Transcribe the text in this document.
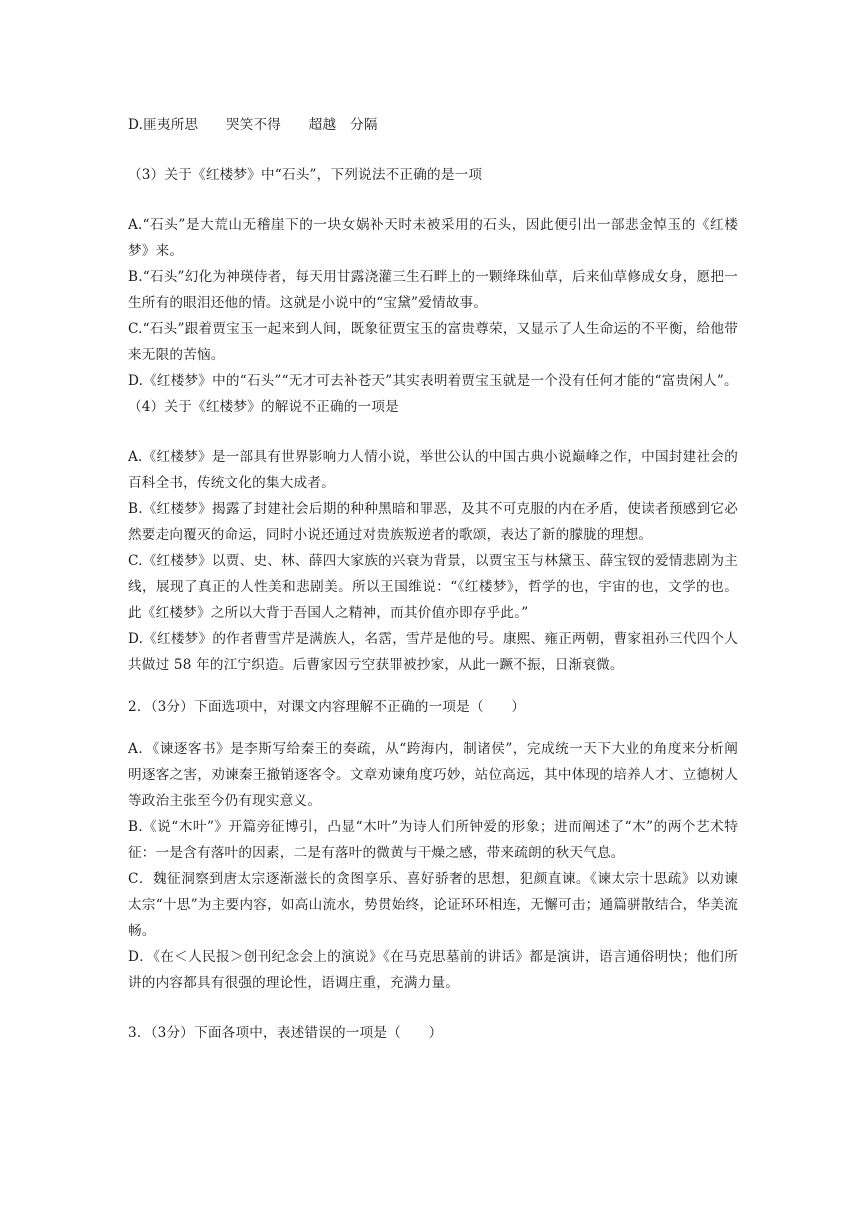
D.匪夷所思　　哭笑不得　　超越　分隔
（3）关于《红楼梦》中“石头”，下列说法不正确的是一项
A.“石头”是大荒山无稽崖下的一块女娲补天时未被采用的石头，因此便引出一部悲金悼玉的《红楼梦》来。
B.“石头”幻化为神瑛侍者，每天用甘露浇灌三生石畔上的一颗绛珠仙草，后来仙草修成女身，愿把一生所有的眼泪还他的情。这就是小说中的“宝黛”爱情故事。
C.“石头”跟着贾宝玉一起来到人间，既象征贾宝玉的富贵尊荣，又显示了人生命运的不平衡，给他带来无限的苦恼。
D.《红楼梦》中的“石头”“无才可去补苍天”其实表明着贾宝玉就是一个没有任何才能的“富贵闲人”。
（4）关于《红楼梦》的解说不正确的一项是
A.《红楼梦》是一部具有世界影响力人情小说，举世公认的中国古典小说巅峰之作，中国封建社会的百科全书，传统文化的集大成者。
B.《红楼梦》揭露了封建社会后期的种种黑暗和罪恶，及其不可克服的内在矛盾，使读者预感到它必然要走向覆灭的命运，同时小说还通过对贵族叛逆者的歌颂，表达了新的朦胧的理想。
C.《红楼梦》以贾、史、林、薛四大家族的兴衰为背景，以贾宝玉与林黛玉、薛宝钗的爱情悲剧为主线，展现了真正的人性美和悲剧美。所以王国维说：“《红楼梦》，哲学的也，宇宙的也，文学的也。此《红楼梦》之所以大背于吾国人之精神，而其价值亦即存乎此。”
D.《红楼梦》的作者曹雪芹是满族人，名霑，雪芹是他的号。康熙、雍正两朝，曹家祖孙三代四个人共做过 58 年的江宁织造。后曹家因亏空获罪被抄家，从此一蹶不振，日渐衰微。
2．（3分）下面选项中，对课文内容理解不正确的一项是（　　）
A．《谏逐客书》是李斯写给秦王的奏疏，从“跨海内，制诸侯”，完成统一天下大业的角度来分析阐明逐客之害，劝谏秦王撤销逐客令。文章劝谏角度巧妙，站位高远，其中体现的培养人才、立德树人等政治主张至今仍有现实意义。
B.《说“木叶”》开篇旁征博引，凸显“木叶”为诗人们所钟爱的形象；进而阐述了“木”的两个艺术特征：一是含有落叶的因素，二是有落叶的微黄与干燥之感，带来疏朗的秋天气息。
C．魏征洞察到唐太宗逐渐滋长的贪图享乐、喜好骄奢的思想，犯颜直谏。《谏太宗十思疏》以劝谏太宗“十思”为主要内容，如高山流水，势贯始终，论证环环相连，无懈可击；通篇骈散结合，华美流畅。
D．《在＜人民报＞创刊纪念会上的演说》《在马克思墓前的讲话》都是演讲，语言通俗明快；他们所讲的内容都具有很强的理论性，语调庄重，充满力量。
3．（3分）下面各项中，表述错误的一项是（　　）
